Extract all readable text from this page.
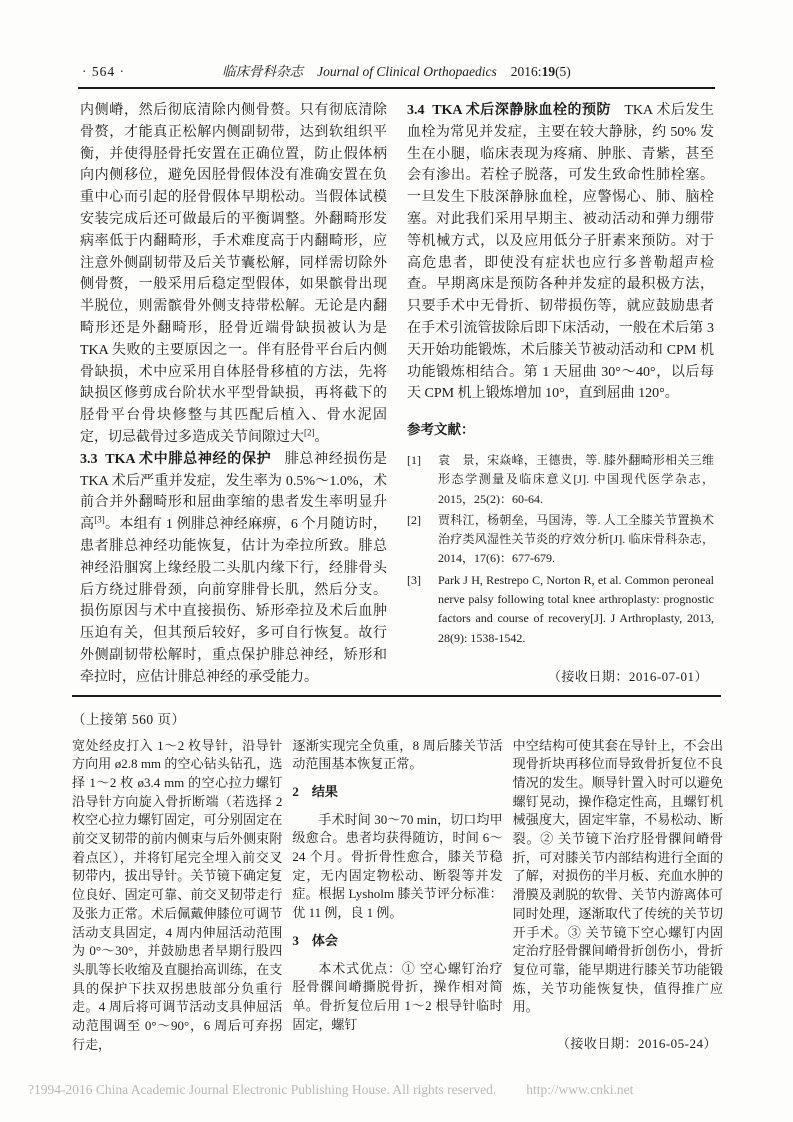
· 564 ·	临床骨科杂志 Journal of Clinical Orthopaedics 2016:19(5)

内侧嵴，然后彻底清除内侧骨赘。只有彻底清除骨赘，才能真正松解内侧副韧带，达到软组织平衡，并使得胫骨托安置在正确位置，防止假体柄向内侧移位，避免因胫骨假体没有准确安置在负重中心而引起的胫骨假体早期松动。当假体试模安装完成后还可做最后的平衡调整。外翻畸形发病率低于内翻畸形，手术难度高于内翻畸形，应注意外侧副韧带及后关节囊松解，同样需切除外侧骨赘，一般采用后稳定型假体，如果髌骨出现半脱位，则需髌骨外侧支持带松解。无论是内翻畸形还是外翻畸形，胫骨近端骨缺损被认为是 TKA 失败的主要原因之一。伴有胫骨平台后内侧骨缺损，术中应采用自体胫骨移植的方法，先将缺损区修剪成台阶状水平型骨缺损，再将截下的胫骨平台骨块修整与其匹配后植入、骨水泥固定，切忌截骨过多造成关节间隙过大[2]。

3.3 TKA 术中腓总神经的保护 腓总神经损伤是 TKA 术后严重并发症，发生率为 0.5%～1.0%，术前合并外翻畸形和屈曲挛缩的患者发生率明显升高[3]。本组有 1 例腓总神经麻痹，6 个月随访时，患者腓总神经功能恢复，估计为牵拉所致。腓总神经沿腘窝上缘经股二头肌内缘下行，经腓骨头后方绕过腓骨颈，向前穿腓骨长肌，然后分支。损伤原因与术中直接损伤、矫形牵拉及术后血肿压迫有关，但其预后较好，多可自行恢复。故行外侧副韧带松解时，重点保护腓总神经，矫形和牵拉时，应估计腓总神经的承受能力。

3.4 TKA 术后深静脉血栓的预防 TKA 术后发生血栓为常见并发症，主要在较大静脉，约 50% 发生在小腿，临床表现为疼痛、肿胀、青紫，甚至会有渗出。若栓子脱落，可发生致命性肺栓塞。一旦发生下肢深静脉血栓，应警惕心、肺、脑栓塞。对此我们采用早期主、被动活动和弹力绷带等机械方式，以及应用低分子肝素来预防。对于高危患者，即使没有症状也应行多普勒超声检查。早期离床是预防各种并发症的最积极方法，只要手术中无骨折、韧带损伤等，就应鼓励患者在手术引流管拔除后即下床活动，一般在术后第 3 天开始功能锻炼，术后膝关节被动活动和 CPM 机功能锻炼相结合。第 1 天屈曲 30°～40°，以后每天 CPM 机上锻炼增加 10°，直到屈曲 120°。

参考文献：

[1]	袁　景，宋焱峰，王德贵，等. 膝外翻畸形相关三维形态学测量及临床意义[J]. 中国现代医学杂志，2015，25(2)：60-64.
[2]	贾科江，杨朝垒，马国涛，等. 人工全膝关节置换术治疗类风湿性关节炎的疗效分析[J]. 临床骨科杂志，2014，17(6)：677-679.
[3]	Park J H, Restrepo C, Norton R, et al. Common peroneal nerve palsy following total knee arthroplasty: prognostic factors and course of recovery[J]. J Arthroplasty, 2013, 28(9): 1538-1542.

（接收日期：2016-07-01）

（上接第 560 页）

宽处经皮打入 1～2 枚导针，沿导针方向用 ø2.8 mm 的空心钻头钻孔，选择 1～2 枚 ø3.4 mm 的空心拉力螺钉沿导针方向旋入骨折断端（若选择 2 枚空心拉力螺钉固定，可分别固定在前交叉韧带的前内侧束与后外侧束附着点区），并将钉尾完全埋入前交叉韧带内，拔出导针。关节镜下确定复位良好、固定可靠、前交叉韧带走行及张力正常。术后佩戴伸膝位可调节活动支具固定，4 周内伸屈活动范围为 0°～30°，并鼓励患者早期行股四头肌等长收缩及直腿抬高训练，在支具的保护下扶双拐患肢部分负重行走。4 周后将可调节活动支具伸屈活动范围调至 0°～90°，6 周后可弃拐行走，

逐渐实现完全负重，8 周后膝关节活动范围基本恢复正常。

2　结果

手术时间 30～70 min，切口均甲级愈合。患者均获得随访，时间 6～24 个月。骨折骨性愈合，膝关节稳定，无内固定物松动、断裂等并发症。根据 Lysholm 膝关节评分标准：优 11 例，良 1 例。

3　体会

本术式优点：① 空心螺钉治疗胫骨髁间嵴撕脱骨折，操作相对简单。骨折复位后用 1～2 根导针临时固定，螺钉

中空结构可使其套在导针上，不会出现骨折块再移位而导致骨折复位不良情况的发生。顺导针置入时可以避免螺钉晃动，操作稳定性高，且螺钉机械强度大，固定牢靠，不易松动、断裂。② 关节镜下治疗胫骨髁间嵴骨折，可对膝关节内部结构进行全面的了解，对损伤的半月板、充血水肿的滑膜及剥脱的软骨、关节内游离体可同时处理，逐渐取代了传统的关节切开手术。③ 关节镜下空心螺钉内固定治疗胫骨髁间嵴骨折创伤小，骨折复位可靠，能早期进行膝关节功能锻炼，关节功能恢复快，值得推广应用。

（接收日期：2016-05-24）

?1994-2016 China Academic Journal Electronic Publishing House. All rights reserved. http://www.cnki.net
